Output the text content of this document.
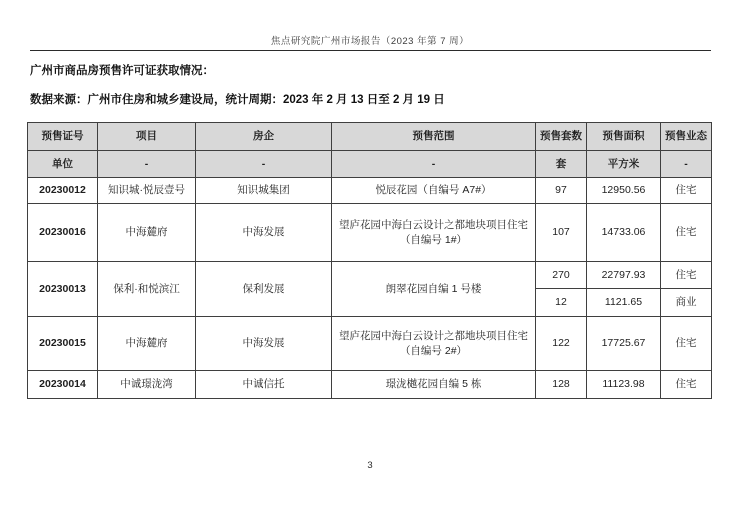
焦点研究院广州市场报告（2023 年第 7 周）
广州市商品房预售许可证获取情况：
数据来源：广州市住房和城乡建设局，统计周期：2023 年 2 月 13 日至 2 月 19 日
预售证号	项目	房企	预售范围	预售套数	预售面积	预售业态
单位	-	-	-	套	平方米	-
20230012	知识城·悦辰壹号	知识城集团	悦辰花园（自编号 A7#）	97	12950.56	住宅
20230016	中海麓府	中海发展	望庐花园中海白云设计之都地块项目住宅（自编号 1#）	107	14733.06	住宅
20230013	保利·和悦滨江	保利发展	朗翠花园自编 1 号楼	270	22797.93	住宅
				12	1121.65	商业
20230015	中海麓府	中海发展	望庐花园中海白云设计之都地块项目住宅（自编号 2#）	122	17725.67	住宅
20230014	中诚璟泷湾	中诚信托	璟泷樾花园自编 5 栋	128	11123.98	住宅
3
